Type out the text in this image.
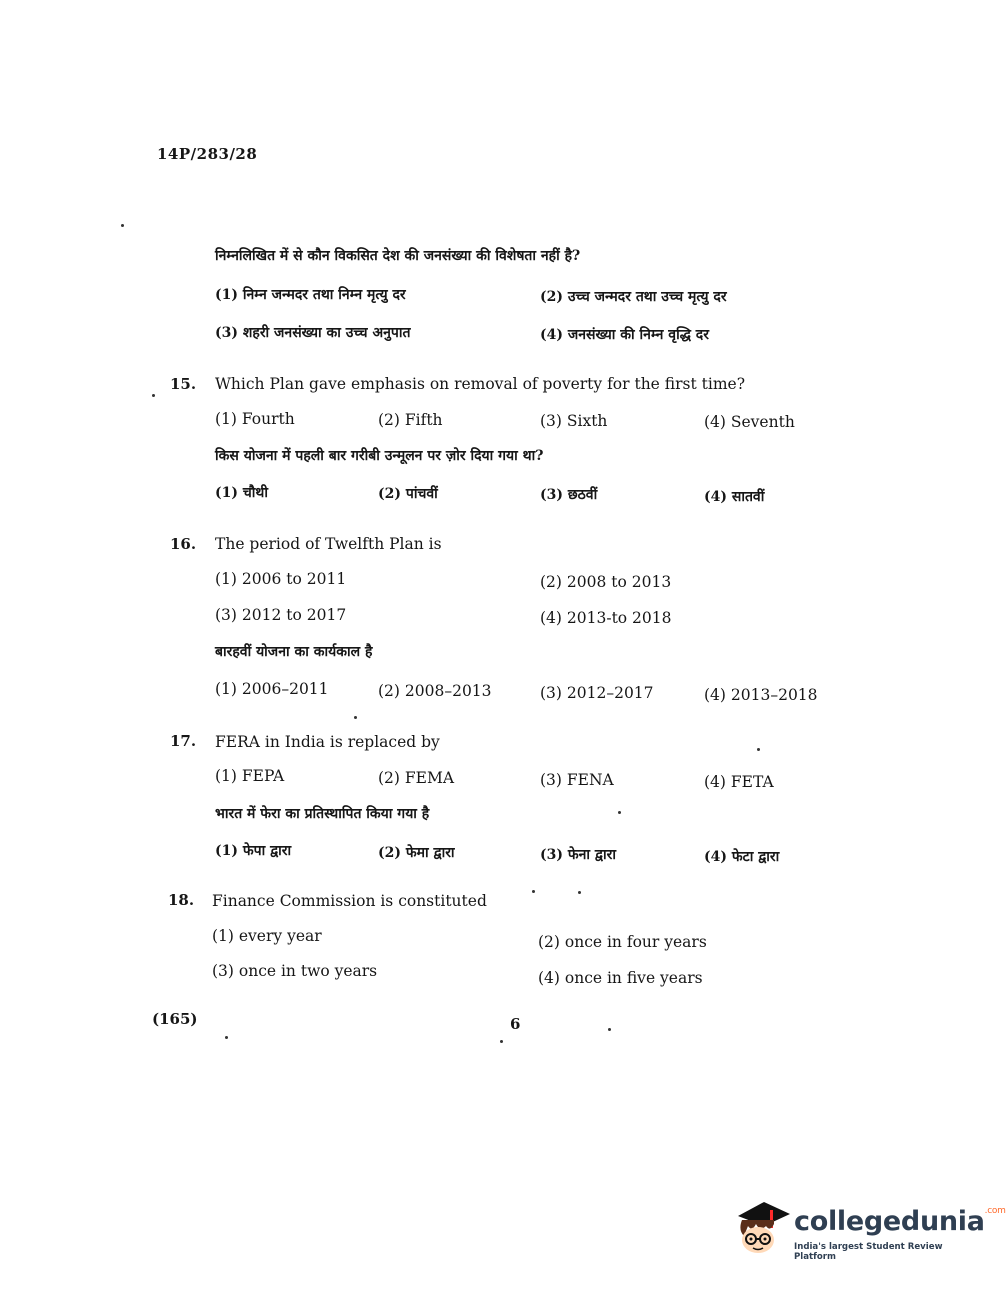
14P/283/28
निम्नलिखित में से कौन विकसित देश की जनसंख्या की विशेषता नहीं है?
(1) निम्न जन्मदर तथा निम्न मृत्यु दर	(2) उच्च जन्मदर तथा उच्च मृत्यु दर
(3) शहरी जनसंख्या का उच्च अनुपात	(4) जनसंख्या की निम्न वृद्धि दर
15. Which Plan gave emphasis on removal of poverty for the first time?
(1) Fourth	(2) Fifth	(3) Sixth	(4) Seventh
किस योजना में पहली बार गरीबी उन्मूलन पर ज़ोर दिया गया था?
(1) चौथी	(2) पांचवीं	(3) छठवीं	(4) सातवीं
16. The period of Twelfth Plan is
(1) 2006 to 2011	(2) 2008 to 2013
(3) 2012 to 2017	(4) 2013-to 2018
बारहवीं योजना का कार्यकाल है
(1) 2006–2011	(2) 2008–2013	(3) 2012–2017	(4) 2013–2018
17. FERA in India is replaced by
(1) FEPA	(2) FEMA	(3) FENA	(4) FETA
भारत में फेरा का प्रतिस्थापित किया गया है
(1) फेपा द्वारा	(2) फेमा द्वारा	(3) फेना द्वारा	(4) फेटा द्वारा
18. Finance Commission is constituted
(1) every year	(2) once in four years
(3) once in two years	(4) once in five years
(165)	6
collegedunia$^{.com}$
India's largest Student Review Platform
